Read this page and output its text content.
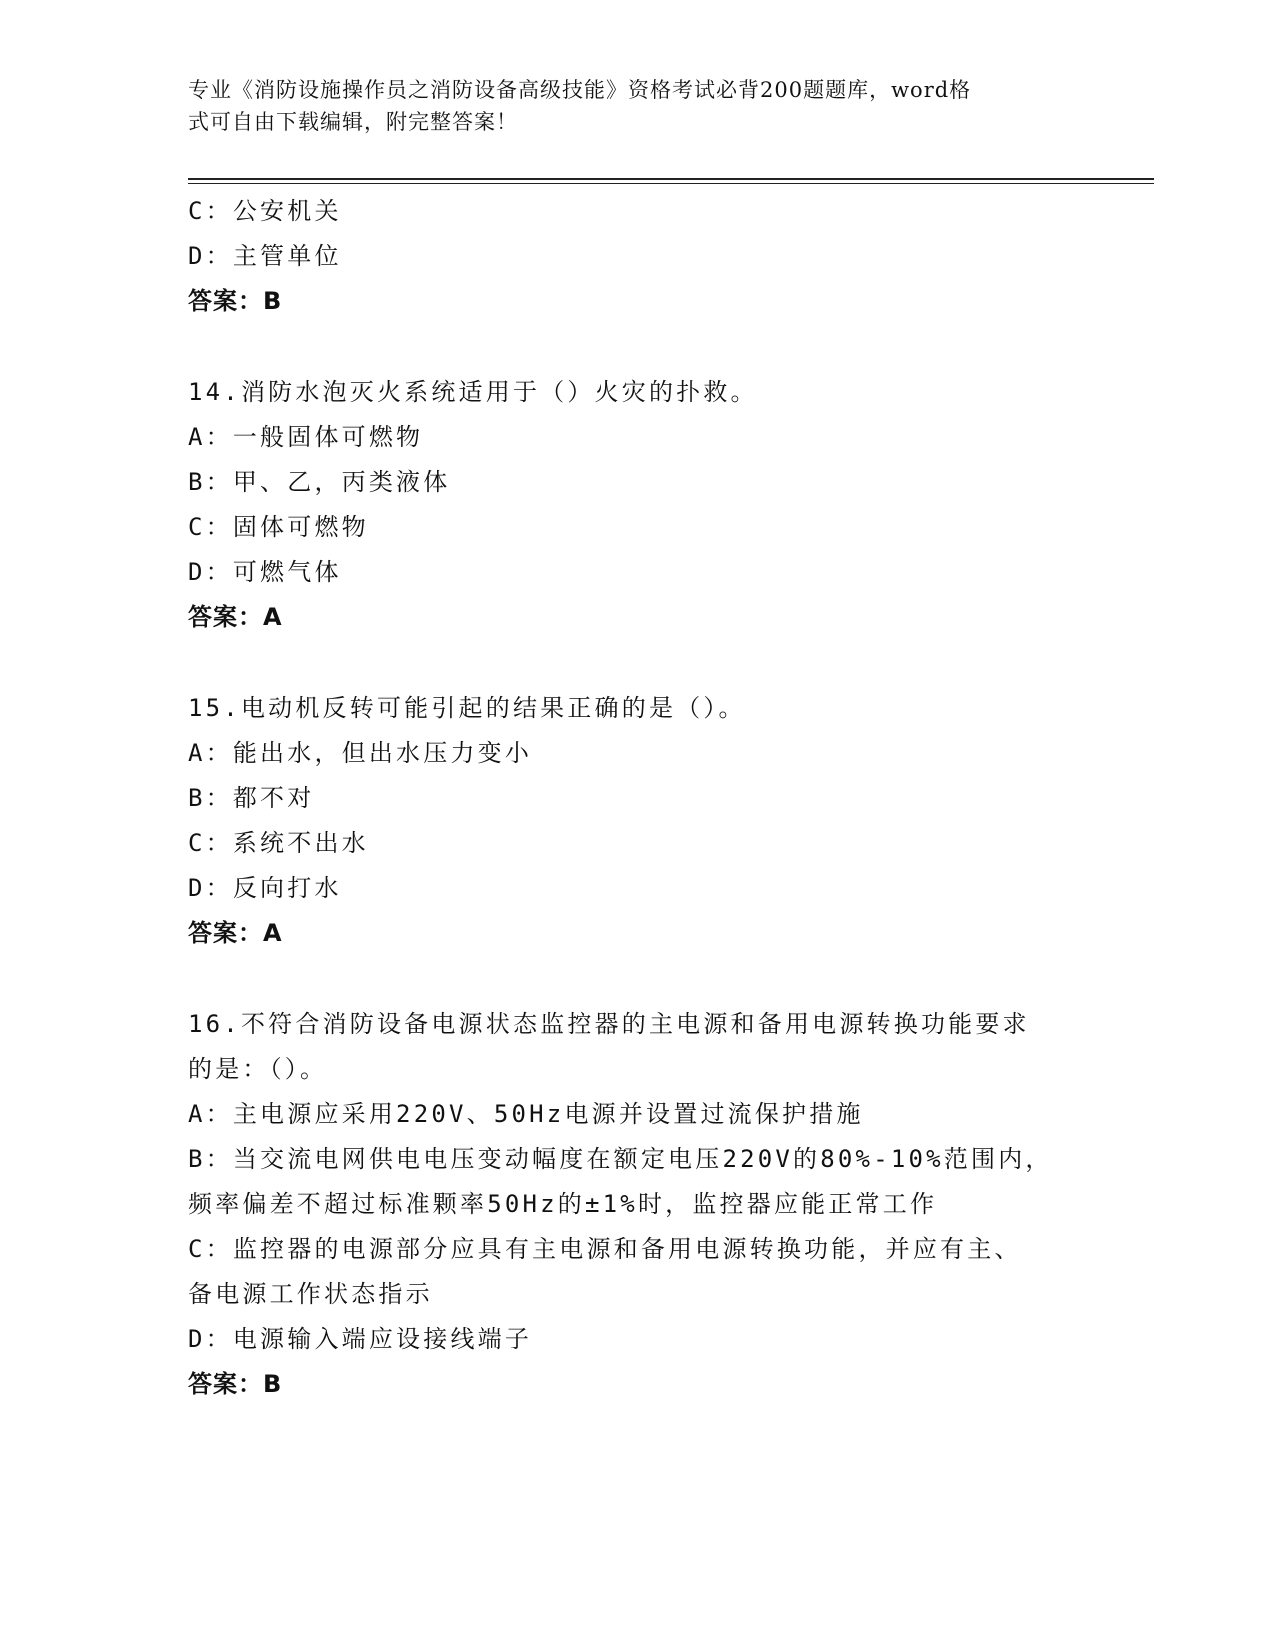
专业《消防设施操作员之消防设备高级技能》资格考试必背200题题库，word格
式可自由下载编辑，附完整答案！
C：公安机关
D：主管单位
答案：B
14.消防水泡灭火系统适用于（）火灾的扑救。
A：一般固体可燃物
B：甲、乙，丙类液体
C：固体可燃物
D：可燃气体
答案：A
15.电动机反转可能引起的结果正确的是（）。
A：能出水，但出水压力变小
B：都不对
C：系统不出水
D：反向打水
答案：A
16.不符合消防设备电源状态监控器的主电源和备用电源转换功能要求
的是：（）。
A：主电源应采用220V、50Hz电源并设置过流保护措施
B：当交流电网供电电压变动幅度在额定电压220V的80%-10%范围内，
频率偏差不超过标准颗率50Hz的±1%时，监控器应能正常工作
C：监控器的电源部分应具有主电源和备用电源转换功能，并应有主、
备电源工作状态指示
D：电源输入端应设接线端子
答案：B
